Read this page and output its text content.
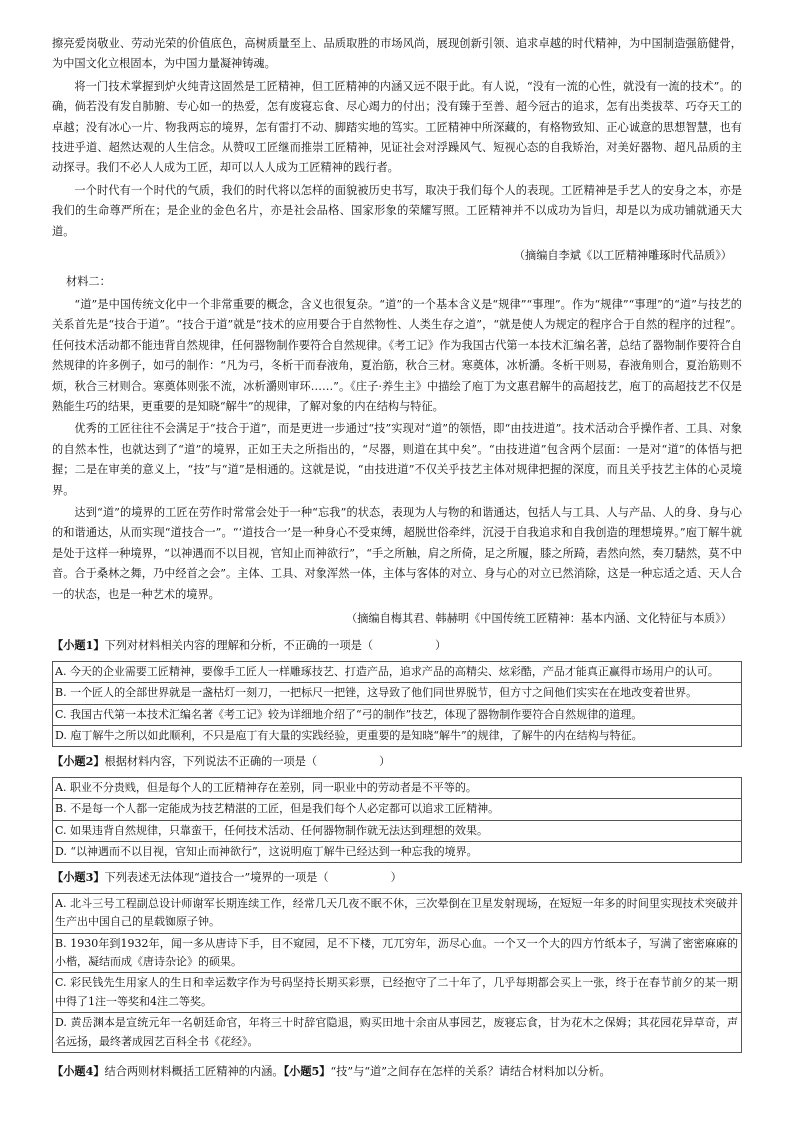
擦亮爱岗敬业、劳动光荣的价值底色，高树质量至上、品质取胜的市场风尚，展现创新引领、追求卓越的时代精神，为中国制造强筋健骨，为中国文化立根固本，为中国力量凝神铸魂。

将一门技术掌握到炉火纯青这固然是工匠精神，但工匠精神的内涵又远不限于此。有人说，“没有一流的心性，就没有一流的技术”。的确，倘若没有发自肺腑、专心如一的热爱，怎有废寝忘食、尽心竭力的付出；没有臻于至善、超今冠古的追求，怎有出类拔萃、巧夺天工的卓越；没有冰心一片、物我两忘的境界，怎有雷打不动、脚踏实地的笃实。工匠精神中所深藏的，有格物致知、正心诚意的思想智慧，也有技进乎道、超然达观的人生信念。从赞叹工匠继而推崇工匠精神，见证社会对浮躁风气、短视心态的自我矫治，对美好器物、超凡品质的主动探寻。我们不必人人成为工匠，却可以人人成为工匠精神的践行者。

一个时代有一个时代的气质，我们的时代将以怎样的面貌被历史书写，取决于我们每个人的表现。工匠精神是手艺人的安身之本，亦是我们的生命尊严所在；是企业的金色名片，亦是社会品格、国家形象的荣耀写照。工匠精神并不以成功为旨归，却是以为成功铺就通天大道。

（摘编自李斌《以工匠精神雕琢时代品质》）
材料二：

“道”是中国传统文化中一个非常重要的概念，含义也很复杂。“道”的一个基本含义是“规律”“事理”。作为“规律”“事理”的“道”与技艺的关系首先是“技合于道”。“技合于道”就是“技术的应用要合于自然物性、人类生存之道”，“就是使人为规定的程序合于自然的程序的过程”。任何技术活动都不能违背自然规律，任何器物制作要符合自然规律。《考工记》作为我国古代第一本技术汇编名著，总结了器物制作要符合自然规律的许多例子，如弓的制作：“凡为弓，冬析干而春液角，夏治筋，秋合三材。寒奠体，冰析灂。冬析干则易，春液角则合，夏治筋则不烦，秋合三材则合。寒奠体则张不流，冰析灂则审环……”。《庄子·养生主》中描绘了庖丁为文惠君解牛的高超技艺，庖丁的高超技艺不仅是熟能生巧的结果，更重要的是知晓“解牛”的规律，了解对象的内在结构与特征。

优秀的工匠往往不会满足于“技合于道”，而是更进一步通过“技”实现对“道”的领悟，即“由技进道”。技术活动合乎操作者、工具、对象的自然本性，也就达到了“道”的境界，正如王夫之所指出的，“尽器，则道在其中矣”。“由技进道”包含两个层面：一是对“道”的体悟与把握；二是在审美的意义上，“技”与“道”是相通的。这就是说，“由技进道”不仅关乎技艺主体对规律把握的深度，而且关乎技艺主体的心灵境界。

达到“道”的境界的工匠在劳作时常常会处于一种“忘我”的状态，表现为人与物的和谐通达，包括人与工具、人与产品、人的身、身与心的和谐通达，从而实现“道技合一”。“‘道技合一’是一种身心不受束缚，超脱世俗牵绊，沉浸于自我追求和自我创造的理想境界。”庖丁解牛就是处于这样一种境界，“以神遇而不以目视，官知止而神欲行”，“手之所触，肩之所倚，足之所履，膝之所踦，砉然向然，奏刀騞然，莫不中音。合于桑林之舞，乃中经首之会”。主体、工具、对象浑然一体，主体与客体的对立、身与心的对立已然消除，这是一种忘适之适、天人合一的状态，也是一种艺术的境界。

（摘编自梅其君、韩赫明《中国传统工匠精神：基本内涵、文化特征与本质》）
【小题1】下列对材料相关内容的理解和分析，不正确的一项是（	）
A. 今天的企业需要工匠精神，要像手工匠人一样雕琢技艺、打造产品，追求产品的高精尖、炫彩酷，产品才能真正赢得市场用户的认可。
B. 一个匠人的全部世界就是一盏枯灯一刻刀，一把标尺一把锉，这导致了他们同世界脱节，但方寸之间他们实实在在地改变着世界。
C. 我国古代第一本技术汇编名著《考工记》较为详细地介绍了“弓的制作”技艺，体现了器物制作要符合自然规律的道理。
D. 庖丁解牛之所以如此顺利，不只是庖丁有大量的实践经验，更重要的是知晓“解牛”的规律，了解牛的内在结构与特征。
【小题2】根据材料内容，下列说法不正确的一项是（	）
A. 职业不分贵贱，但是每个人的工匠精神存在差别，同一职业中的劳动者是不平等的。
B. 不是每一个人都一定能成为技艺精湛的工匠，但是我们每个人必定都可以追求工匠精神。
C. 如果违背自然规律，只靠蛮干，任何技术活动、任何器物制作就无法达到理想的效果。
D. “以神遇而不以目视，官知止而神欲行”，这说明庖丁解牛已经达到一种忘我的境界。
【小题3】下列表述无法体现“道技合一”境界的一项是（	）
A. 北斗三号工程副总设计师谢军长期连续工作，经常几天几夜不眠不休，三次晕倒在卫星发射现场，在短短一年多的时间里实现技术突破并生产出中国自己的星载铷原子钟。
B. 1930年到1932年，闻一多从唐诗下手，目不窥园，足不下楼，兀兀穷年，沥尽心血。一个又一个大的四方竹纸本子，写满了密密麻麻的小楷，凝结而成《唐诗杂论》的硕果。
C. 彩民钱先生用家人的生日和幸运数字作为号码坚持长期买彩票，已经抱守了二十年了，几乎每期都会买上一张，终于在春节前夕的某一期中得了1注一等奖和4注二等奖。
D. 黄岳渊本是宣统元年一名朝廷命官，年将三十时辞官隐退，购买田地十余亩从事园艺，废寝忘食，甘为花木之保姆；其花园花异草奇，声名远扬，最终著成园艺百科全书《花经》。
【小题4】结合两则材料概括工匠精神的内涵。【小题5】“技”与“道”之间存在怎样的关系？请结合材料加以分析。
